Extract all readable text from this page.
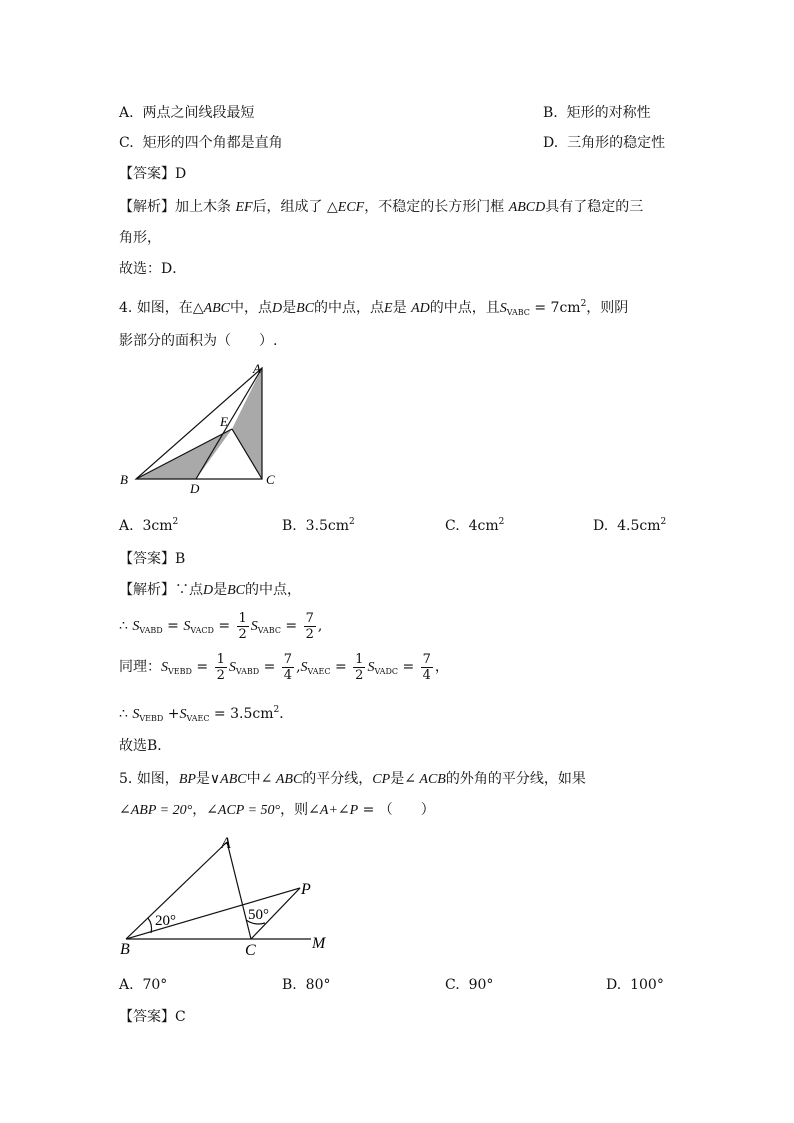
A. 两点之间线段最短	B. 矩形的对称性
C. 矩形的四个角都是直角	D. 三角形的稳定性
【答案】D
【解析】加上木条 EF后，组成了 △ECF，不稳定的长方形门框 ABCD具有了稳定的三
角形，
故选：D．
4. 如图，在△ABC中，点D是BC的中点，点E是 AD的中点，且$S_{VABC} = 7cm^2$，则阴
影部分的面积为（　　）.
A
B	C
D
E
A. $3cm^2$	B. $3.5cm^2$	C. $4cm^2$	D. $4.5cm^2$
【答案】B
【解析】∵点D是BC的中点，
∴ $S_{VABD} = S_{VACD} = \frac{1}{2} S_{VABC} = \frac{7}{2}$ ,
同理：$S_{VEBD} = \frac{1}{2} S_{VABD} = \frac{7}{4} ,S_{VAEC} = \frac{1}{2} S_{VADC} = \frac{7}{4}$ ，
∴ $S_{VEBD} +S_{VAEC} = 3.5cm^2$．
故选B．
5. 如图，BP是∨ABC中∠ ABC的平分线，CP是∠ ACB的外角的平分线，如果
∠ABP = 20°，∠ACP = 50°，则∠A+∠P = （　　）
A
B	C
P
M
20°	50°
A. 70°	B. 80°	C. 90°	D. 100°
【答案】C
